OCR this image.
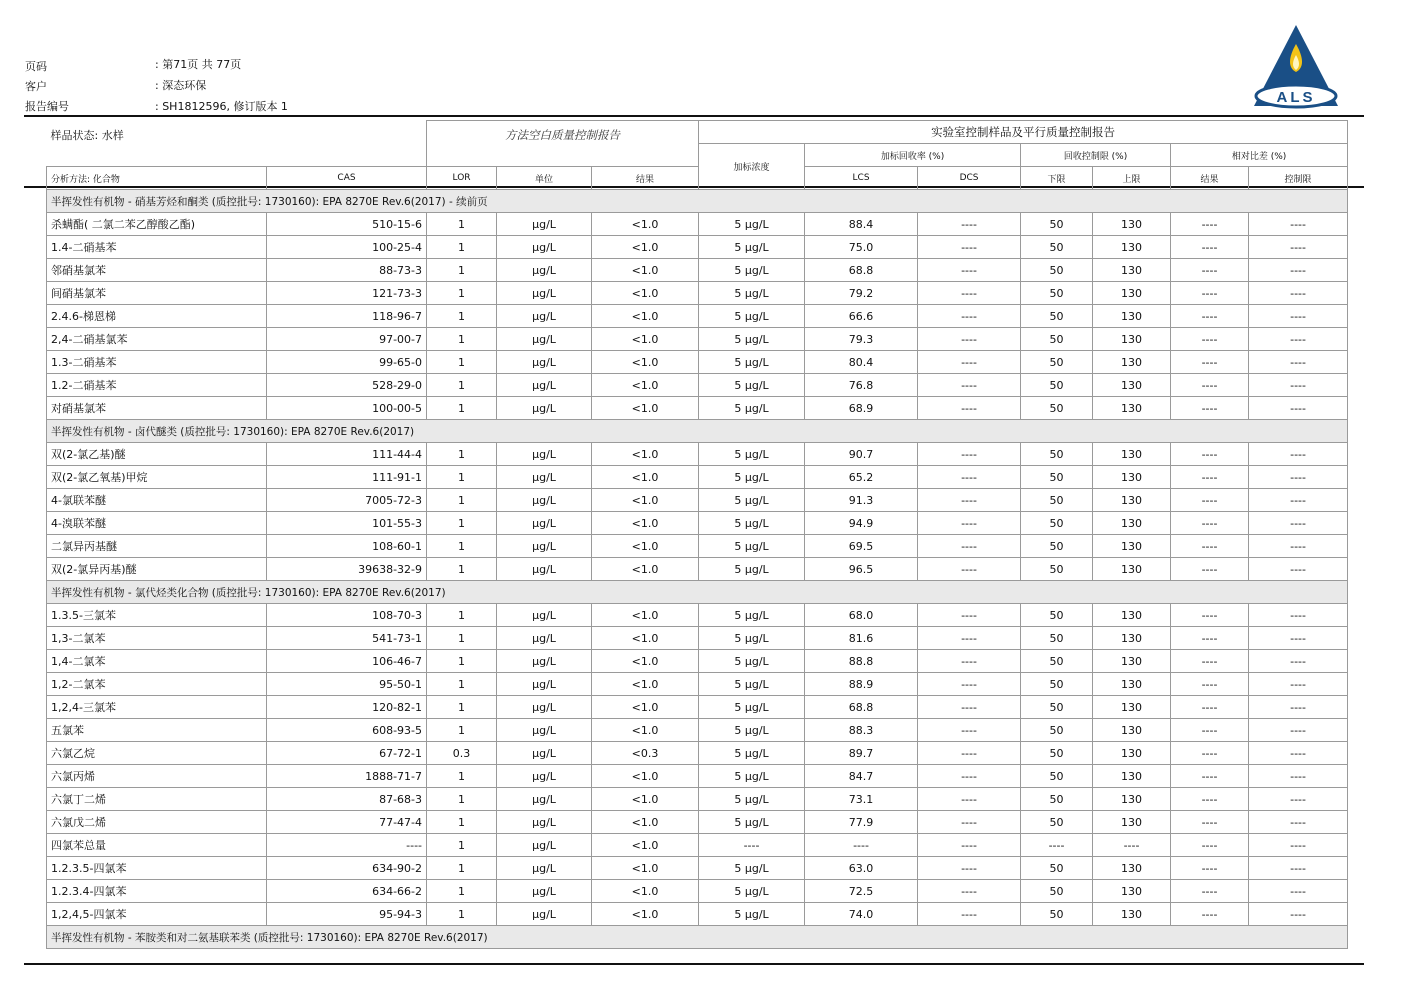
页码	: 第71页 共 77页
客户	: 深态环保
报告编号	: SH1812596, 修订版本 1
ALS
样品状态: 水样		方法空白质量控制报告			实验室控制样品及平行质量控制报告						
					加标浓度	加标回收率 (%)		回收控制限 (%)		相对比差 (%)	
分析方法: 化合物	CAS	LOR	单位	结果		LCS	DCS	下限	上限	结果	控制限
半挥发性有机物 - 硝基芳烃和酮类 (质控批号: 1730160): EPA 8270E Rev.6(2017) - 续前页											
杀螨酯( 二氯二苯乙醇酸乙酯)	510-15-6	1	µg/L	<1.0	5 µg/L	88.4	----	50	130	----	----
1.4-二硝基苯	100-25-4	1	µg/L	<1.0	5 µg/L	75.0	----	50	130	----	----
邻硝基氯苯	88-73-3	1	µg/L	<1.0	5 µg/L	68.8	----	50	130	----	----
间硝基氯苯	121-73-3	1	µg/L	<1.0	5 µg/L	79.2	----	50	130	----	----
2.4.6-梯恩梯	118-96-7	1	µg/L	<1.0	5 µg/L	66.6	----	50	130	----	----
2,4-二硝基氯苯	97-00-7	1	µg/L	<1.0	5 µg/L	79.3	----	50	130	----	----
1.3-二硝基苯	99-65-0	1	µg/L	<1.0	5 µg/L	80.4	----	50	130	----	----
1.2-二硝基苯	528-29-0	1	µg/L	<1.0	5 µg/L	76.8	----	50	130	----	----
对硝基氯苯	100-00-5	1	µg/L	<1.0	5 µg/L	68.9	----	50	130	----	----
半挥发性有机物 - 卤代醚类 (质控批号: 1730160): EPA 8270E Rev.6(2017)											
双(2-氯乙基)醚	111-44-4	1	µg/L	<1.0	5 µg/L	90.7	----	50	130	----	----
双(2-氯乙氧基)甲烷	111-91-1	1	µg/L	<1.0	5 µg/L	65.2	----	50	130	----	----
4-氯联苯醚	7005-72-3	1	µg/L	<1.0	5 µg/L	91.3	----	50	130	----	----
4-溴联苯醚	101-55-3	1	µg/L	<1.0	5 µg/L	94.9	----	50	130	----	----
二氯异丙基醚	108-60-1	1	µg/L	<1.0	5 µg/L	69.5	----	50	130	----	----
双(2-氯异丙基)醚	39638-32-9	1	µg/L	<1.0	5 µg/L	96.5	----	50	130	----	----
半挥发性有机物 - 氯代烃类化合物 (质控批号: 1730160): EPA 8270E Rev.6(2017)											
1.3.5-三氯苯	108-70-3	1	µg/L	<1.0	5 µg/L	68.0	----	50	130	----	----
1,3-二氯苯	541-73-1	1	µg/L	<1.0	5 µg/L	81.6	----	50	130	----	----
1,4-二氯苯	106-46-7	1	µg/L	<1.0	5 µg/L	88.8	----	50	130	----	----
1,2-二氯苯	95-50-1	1	µg/L	<1.0	5 µg/L	88.9	----	50	130	----	----
1,2,4-三氯苯	120-82-1	1	µg/L	<1.0	5 µg/L	68.8	----	50	130	----	----
五氯苯	608-93-5	1	µg/L	<1.0	5 µg/L	88.3	----	50	130	----	----
六氯乙烷	67-72-1	0.3	µg/L	<0.3	5 µg/L	89.7	----	50	130	----	----
六氯丙烯	1888-71-7	1	µg/L	<1.0	5 µg/L	84.7	----	50	130	----	----
六氯丁二烯	87-68-3	1	µg/L	<1.0	5 µg/L	73.1	----	50	130	----	----
六氯戊二烯	77-47-4	1	µg/L	<1.0	5 µg/L	77.9	----	50	130	----	----
四氯苯总量	----	1	µg/L	<1.0	----	----	----	----	----	----	----
1.2.3.5-四氯苯	634-90-2	1	µg/L	<1.0	5 µg/L	63.0	----	50	130	----	----
1.2.3.4-四氯苯	634-66-2	1	µg/L	<1.0	5 µg/L	72.5	----	50	130	----	----
1,2,4,5-四氯苯	95-94-3	1	µg/L	<1.0	5 µg/L	74.0	----	50	130	----	----
半挥发性有机物 - 苯胺类和对二氨基联苯类 (质控批号: 1730160): EPA 8270E Rev.6(2017)											
